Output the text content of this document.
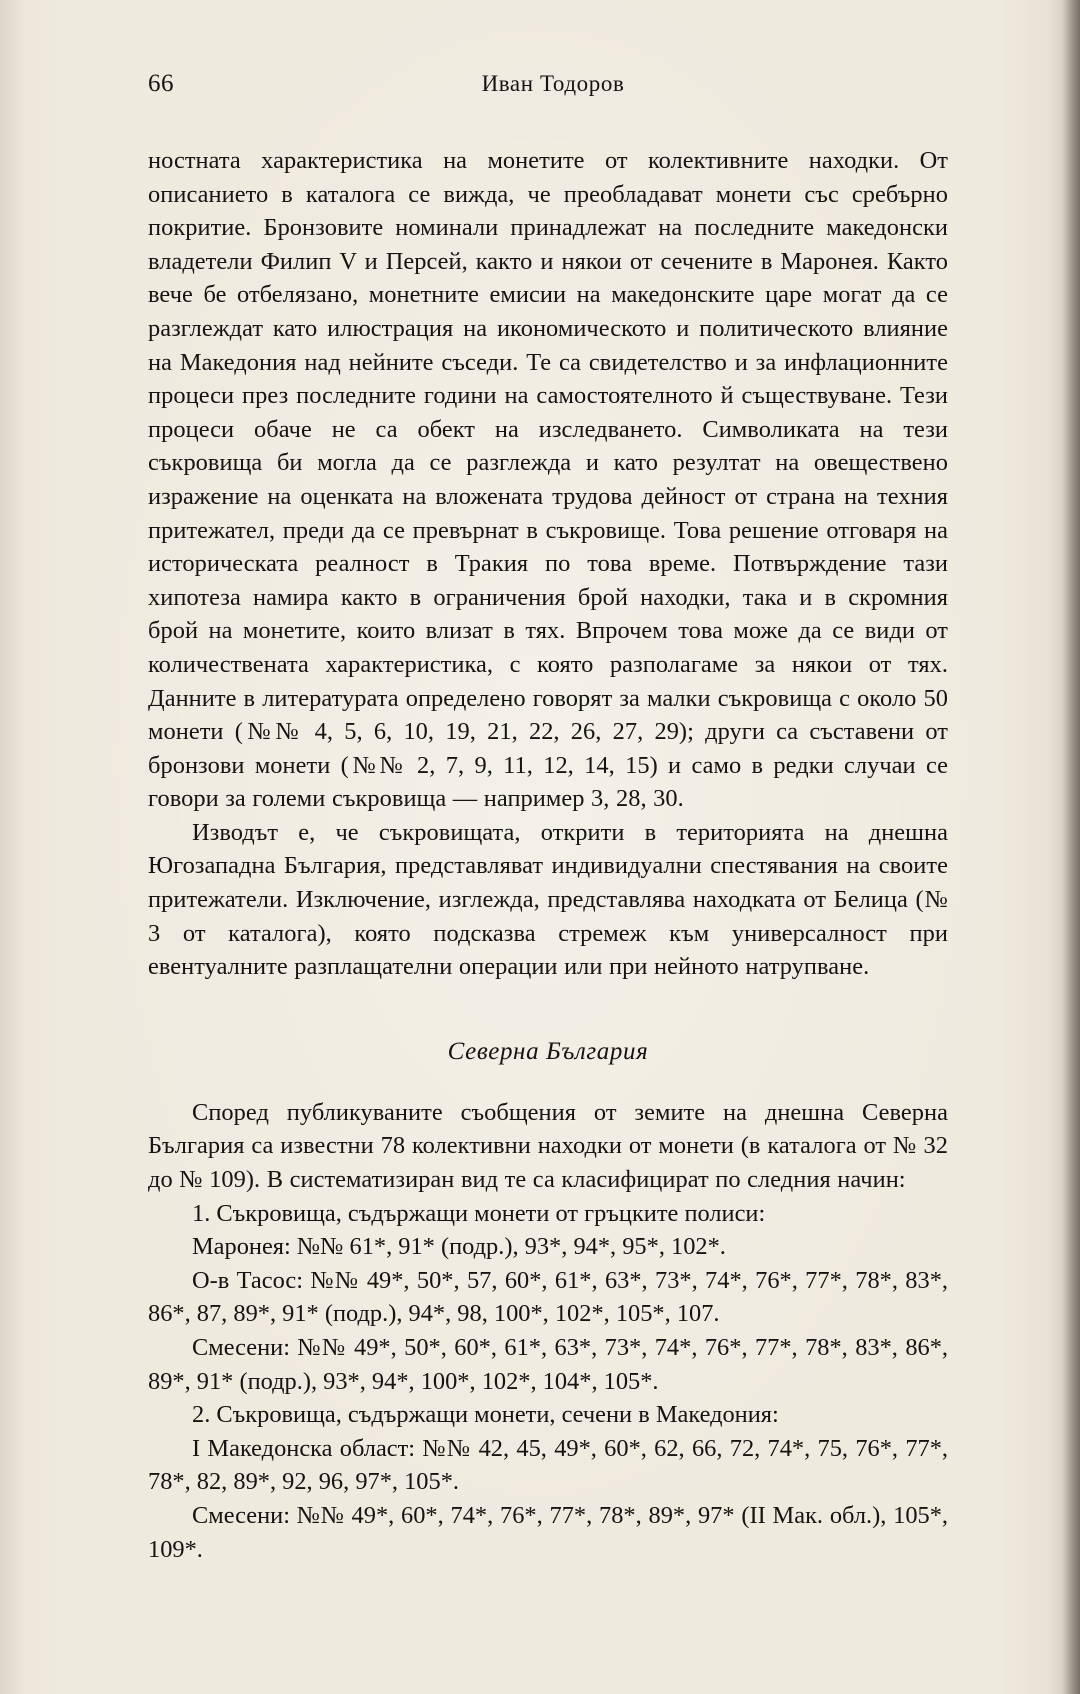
66	Иван Тодоров

ностната характеристика на монетите от колективните находки. От описанието в каталога се вижда, че преобладават монети със сребърно покритие. Бронзовите номинали принадлежат на последните македонски владетели Филип V и Персей, както и някои от сечените в Маронея. Както вече бе отбелязано, монетните емисии на македонските царе могат да се разглеждат като илюстрация на икономическото и политическото влияние на Македония над нейните съседи. Те са свидетелство и за инфлационните процеси през последните години на самостоятелното й съществуване. Тези процеси обаче не са обект на изследването. Символиката на тези съкровища би могла да се разглежда и като резултат на овеществено изражение на оценката на вложената трудова дейност от страна на техния притежател, преди да се превърнат в съкровище. Това решение отговаря на историческата реалност в Тракия по това време. Потвърждение тази хипотеза намира както в ограничения брой находки, така и в скромния брой на монетите, които влизат в тях. Впрочем това може да се види от количествената характеристика, с която разполагаме за някои от тях. Данните в литературата определено говорят за малки съкровища с около 50 монети (№№ 4, 5, 6, 10, 19, 21, 22, 26, 27, 29); други са съставени от бронзови монети (№№ 2, 7, 9, 11, 12, 14, 15) и само в редки случаи се говори за големи съкровища — например 3, 28, 30.

Изводът е, че съкровищата, открити в територията на днешна Югозападна България, представляват индивидуални спестявания на своите притежатели. Изключение, изглежда, представлява находката от Белица (№ 3 от каталога), която подсказва стремеж към универсалност при евентуалните разплащателни операции или при нейното натрупване.

Северна България

Според публикуваните съобщения от земите на днешна Северна България са известни 78 колективни находки от монети (в каталога от № 32 до № 109). В систематизиран вид те са класифицират по следния начин:

1. Съкровища, съдържащи монети от гръцките полиси:

Маронея: №№ 61*, 91* (подр.), 93*, 94*, 95*, 102*.

О-в Тасос: №№ 49*, 50*, 57, 60*, 61*, 63*, 73*, 74*, 76*, 77*, 78*, 83*, 86*, 87, 89*, 91* (подр.), 94*, 98, 100*, 102*, 105*, 107.

Смесени: №№ 49*, 50*, 60*, 61*, 63*, 73*, 74*, 76*, 77*, 78*, 83*, 86*, 89*, 91* (подр.), 93*, 94*, 100*, 102*, 104*, 105*.

2. Съкровища, съдържащи монети, сечени в Македония:

I Македонска област: №№ 42, 45, 49*, 60*, 62, 66, 72, 74*, 75, 76*, 77*, 78*, 82, 89*, 92, 96, 97*, 105*.

Смесени: №№ 49*, 60*, 74*, 76*, 77*, 78*, 89*, 97* (II Мак. обл.), 105*, 109*.
